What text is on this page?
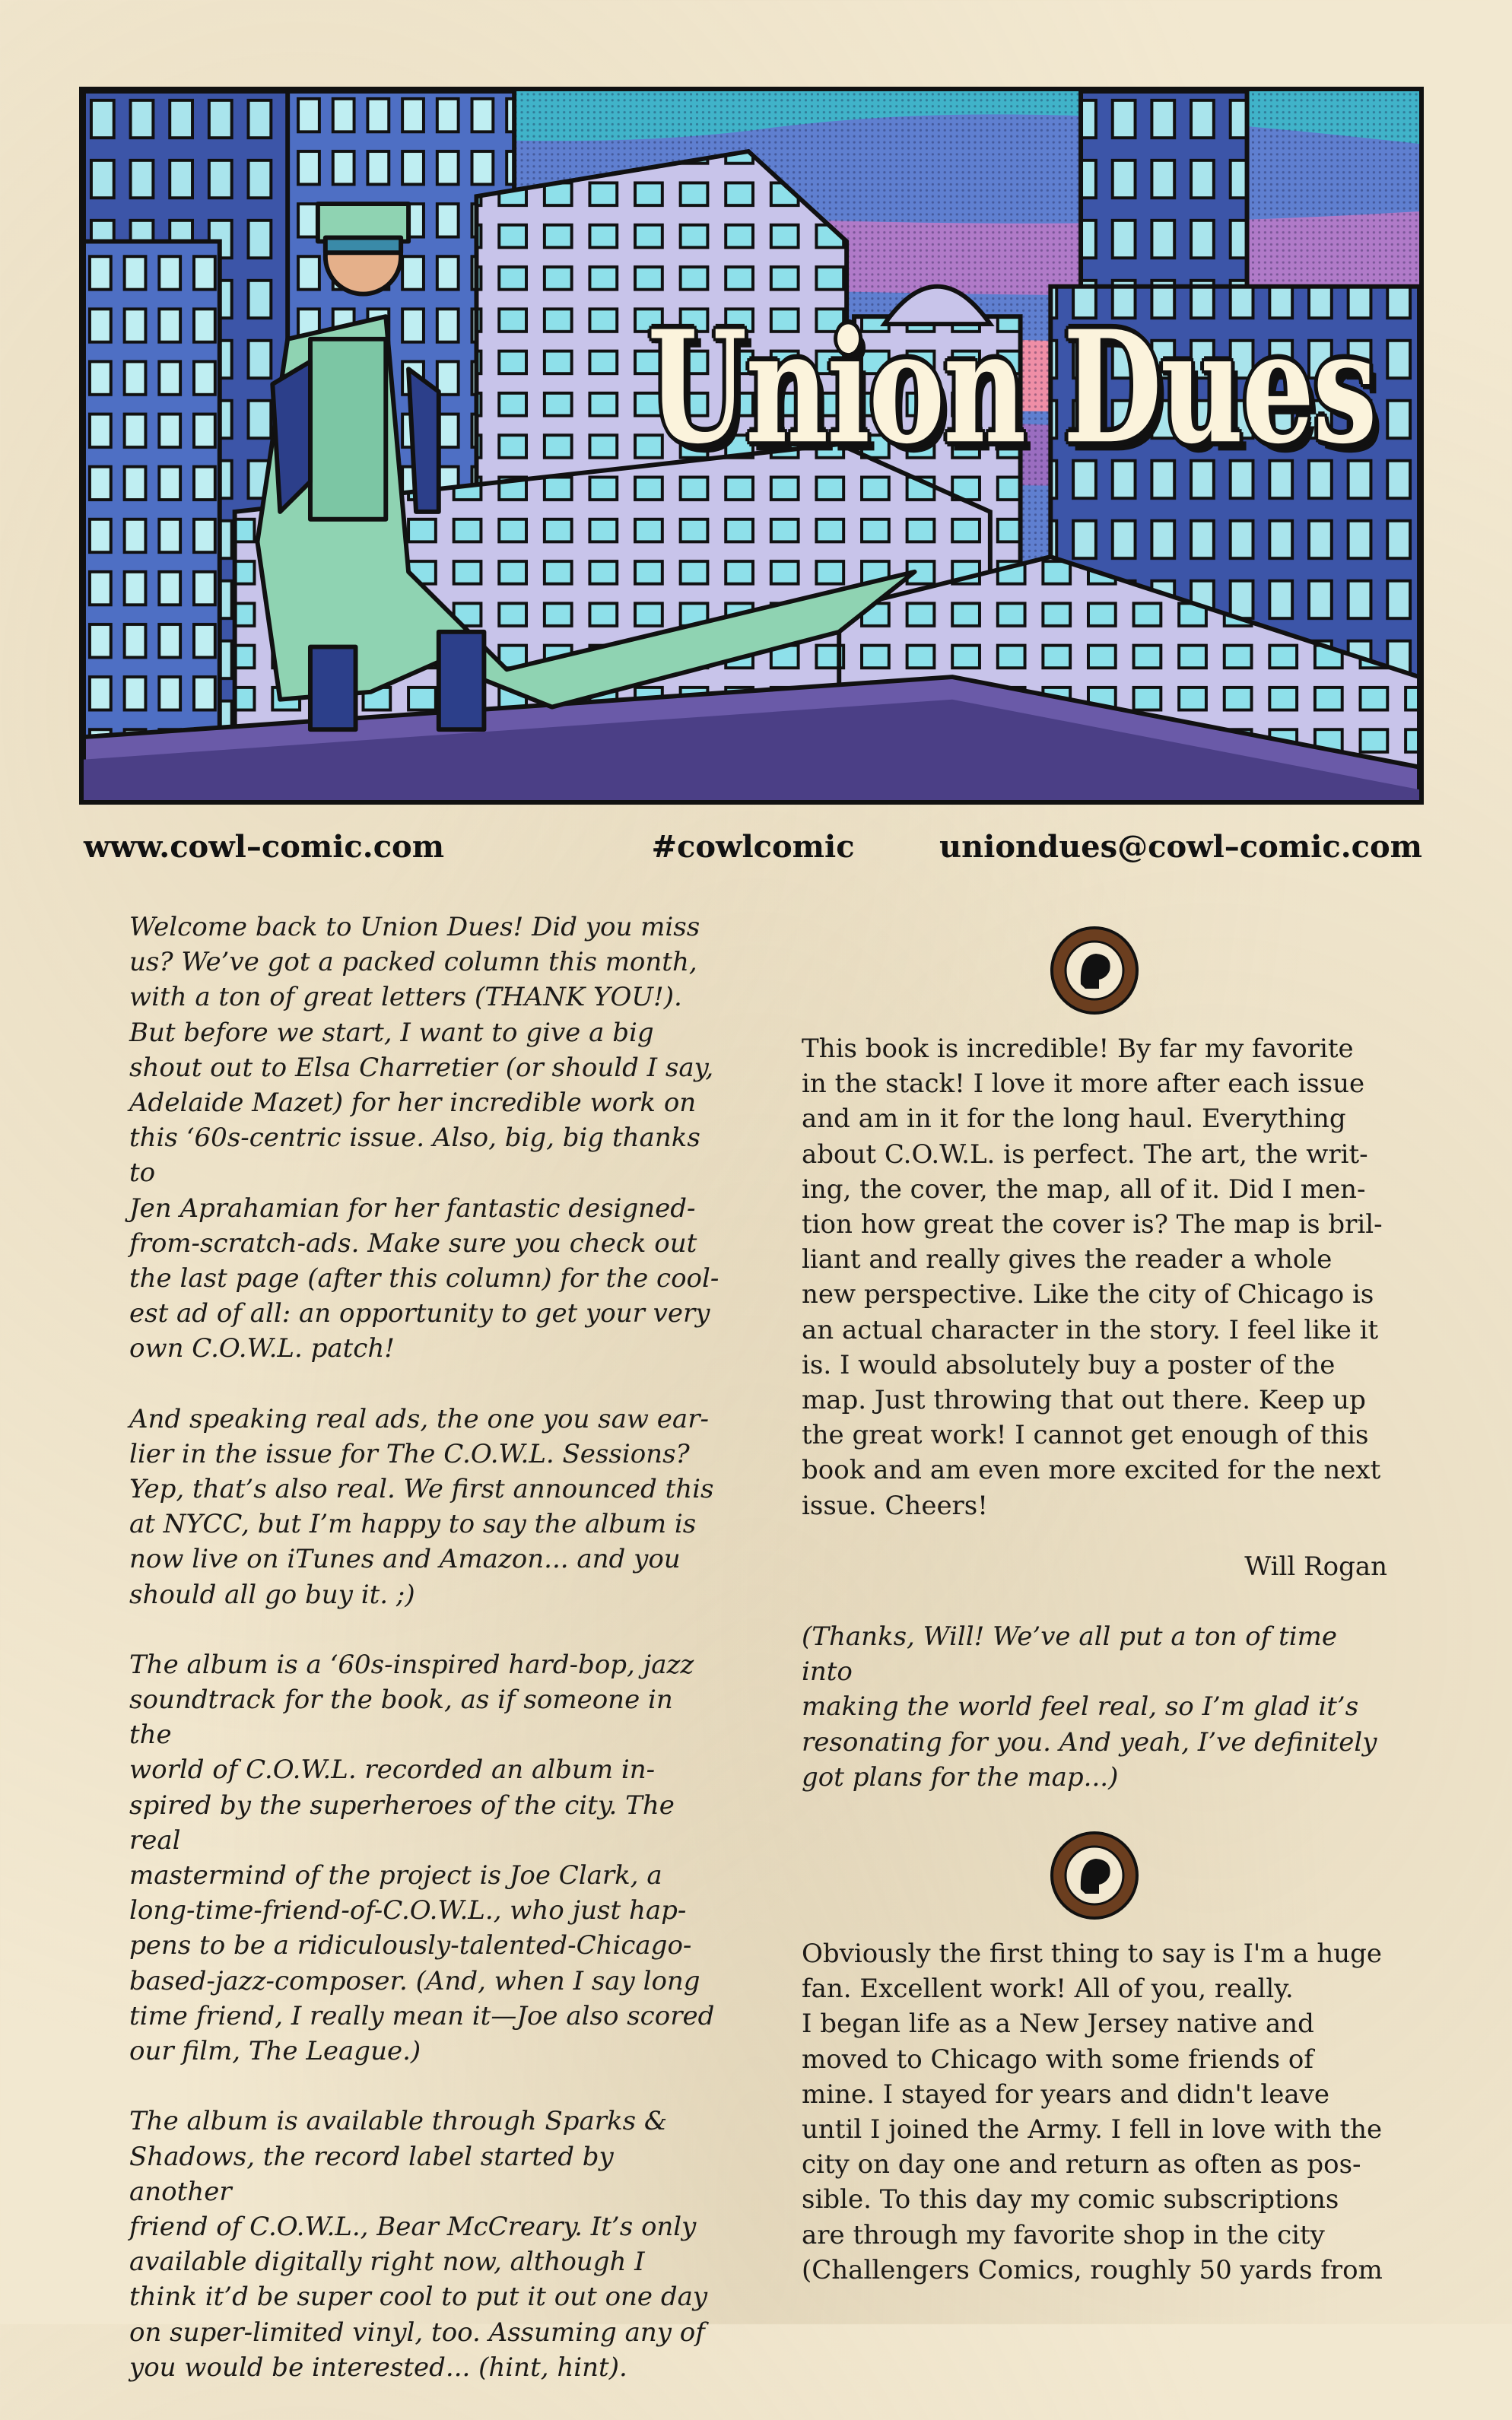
Union Dues
www.cowl–comic.com	#cowlcomic	uniondues@cowl–comic.com

Welcome back to Union Dues! Did you miss
us? We’ve got a packed column this month,
with a ton of great letters (THANK YOU!).
But before we start, I want to give a big
shout out to Elsa Charretier (or should I say,
Adelaide Mazet) for her incredible work on
this ‘60s-centric issue. Also, big, big thanks to
Jen Aprahamian for her fantastic designed-
from-scratch-ads. Make sure you check out
the last page (after this column) for the cool-
est ad of all: an opportunity to get your very
own C.O.W.L. patch!

And speaking real ads, the one you saw ear-
lier in the issue for The C.O.W.L. Sessions?
Yep, that’s also real. We first announced this
at NYCC, but I’m happy to say the album is
now live on iTunes and Amazon... and you
should all go buy it. ;)

The album is a ‘60s-inspired hard-bop, jazz
soundtrack for the book, as if someone in the
world of C.O.W.L. recorded an album in-
spired by the superheroes of the city. The real
mastermind of the project is Joe Clark, a
long-time-friend-of-C.O.W.L., who just hap-
pens to be a ridiculously-talented-Chicago-
based-jazz-composer. (And, when I say long
time friend, I really mean it—Joe also scored
our film, The League.)

The album is available through Sparks &
Shadows, the record label started by another
friend of C.O.W.L., Bear McCreary. It’s only
available digitally right now, although I
think it’d be super cool to put it out one day
on super-limited vinyl, too. Assuming any of
you would be interested... (hint, hint).

This book is incredible! By far my favorite
in the stack! I love it more after each issue
and am in it for the long haul. Everything
about C.O.W.L. is perfect. The art, the writ-
ing, the cover, the map, all of it. Did I men-
tion how great the cover is? The map is bril-
liant and really gives the reader a whole
new perspective. Like the city of Chicago is
an actual character in the story. I feel like it
is. I would absolutely buy a poster of the
map. Just throwing that out there. Keep up
the great work! I cannot get enough of this
book and am even more excited for the next
issue. Cheers!

Will Rogan

(Thanks, Will! We’ve all put a ton of time into
making the world feel real, so I’m glad it’s
resonating for you. And yeah, I’ve definitely
got plans for the map...)

Obviously the first thing to say is I'm a huge
fan. Excellent work! All of you, really.
I began life as a New Jersey native and
moved to Chicago with some friends of
mine. I stayed for years and didn't leave
until I joined the Army. I fell in love with the
city on day one and return as often as pos-
sible. To this day my comic subscriptions
are through my favorite shop in the city
(Challengers Comics, roughly 50 yards from
